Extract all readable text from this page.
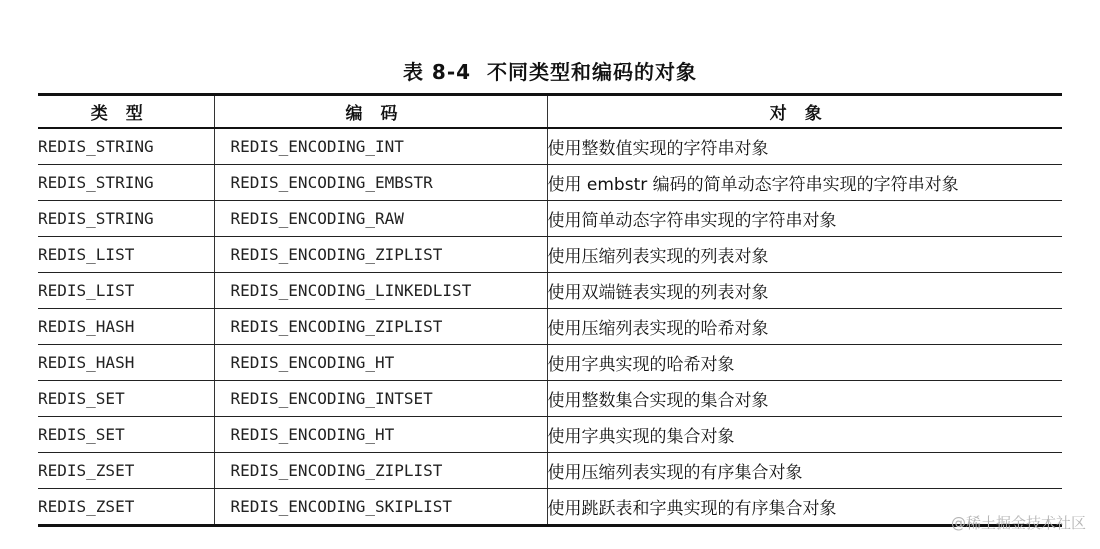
表 8-4 不同类型和编码的对象
类型	编码	对象
REDIS_STRING	REDIS_ENCODING_INT	使用整数值实现的字符串对象
REDIS_STRING	REDIS_ENCODING_EMBSTR	使用 embstr 编码的简单动态字符串实现的字符串对象
REDIS_STRING	REDIS_ENCODING_RAW	使用简单动态字符串实现的字符串对象
REDIS_LIST	REDIS_ENCODING_ZIPLIST	使用压缩列表实现的列表对象
REDIS_LIST	REDIS_ENCODING_LINKEDLIST	使用双端链表实现的列表对象
REDIS_HASH	REDIS_ENCODING_ZIPLIST	使用压缩列表实现的哈希对象
REDIS_HASH	REDIS_ENCODING_HT	使用字典实现的哈希对象
REDIS_SET	REDIS_ENCODING_INTSET	使用整数集合实现的集合对象
REDIS_SET	REDIS_ENCODING_HT	使用字典实现的集合对象
REDIS_ZSET	REDIS_ENCODING_ZIPLIST	使用压缩列表实现的有序集合对象
REDIS_ZSET	REDIS_ENCODING_SKIPLIST	使用跳跃表和字典实现的有序集合对象
@稀土掘金技术社区
